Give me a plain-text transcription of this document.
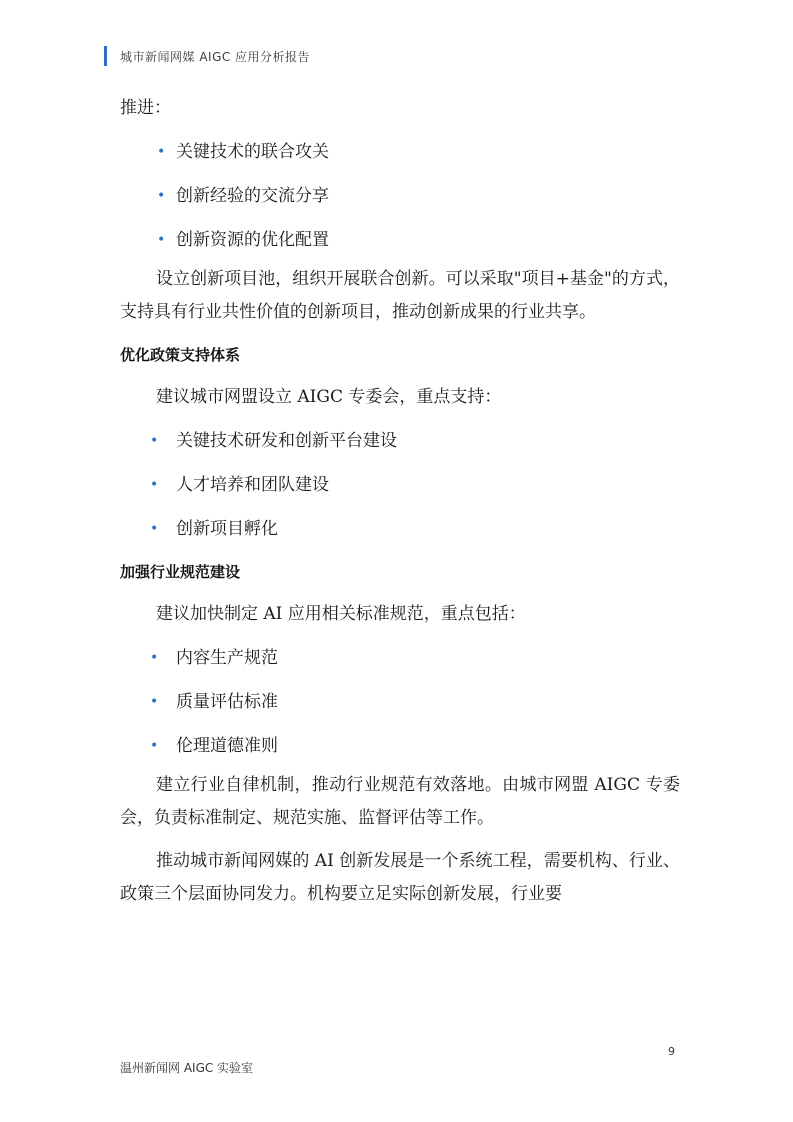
城市新闻网媒 AIGC 应用分析报告

推进：

• 关键技术的联合攻关
• 创新经验的交流分享
• 创新资源的优化配置

设立创新项目池，组织开展联合创新。可以采取"项目+基金"的方式，支持具有行业共性价值的创新项目，推动创新成果的行业共享。

优化政策支持体系

建议城市网盟设立 AIGC 专委会，重点支持：

• 关键技术研发和创新平台建设
• 人才培养和团队建设
• 创新项目孵化

加强行业规范建设

建议加快制定 AI 应用相关标准规范，重点包括：

• 内容生产规范
• 质量评估标准
• 伦理道德准则

建立行业自律机制，推动行业规范有效落地。由城市网盟 AIGC 专委会，负责标准制定、规范实施、监督评估等工作。

推动城市新闻网媒的 AI 创新发展是一个系统工程，需要机构、行业、政策三个层面协同发力。机构要立足实际创新发展，行业要

9
温州新闻网 AIGC 实验室
